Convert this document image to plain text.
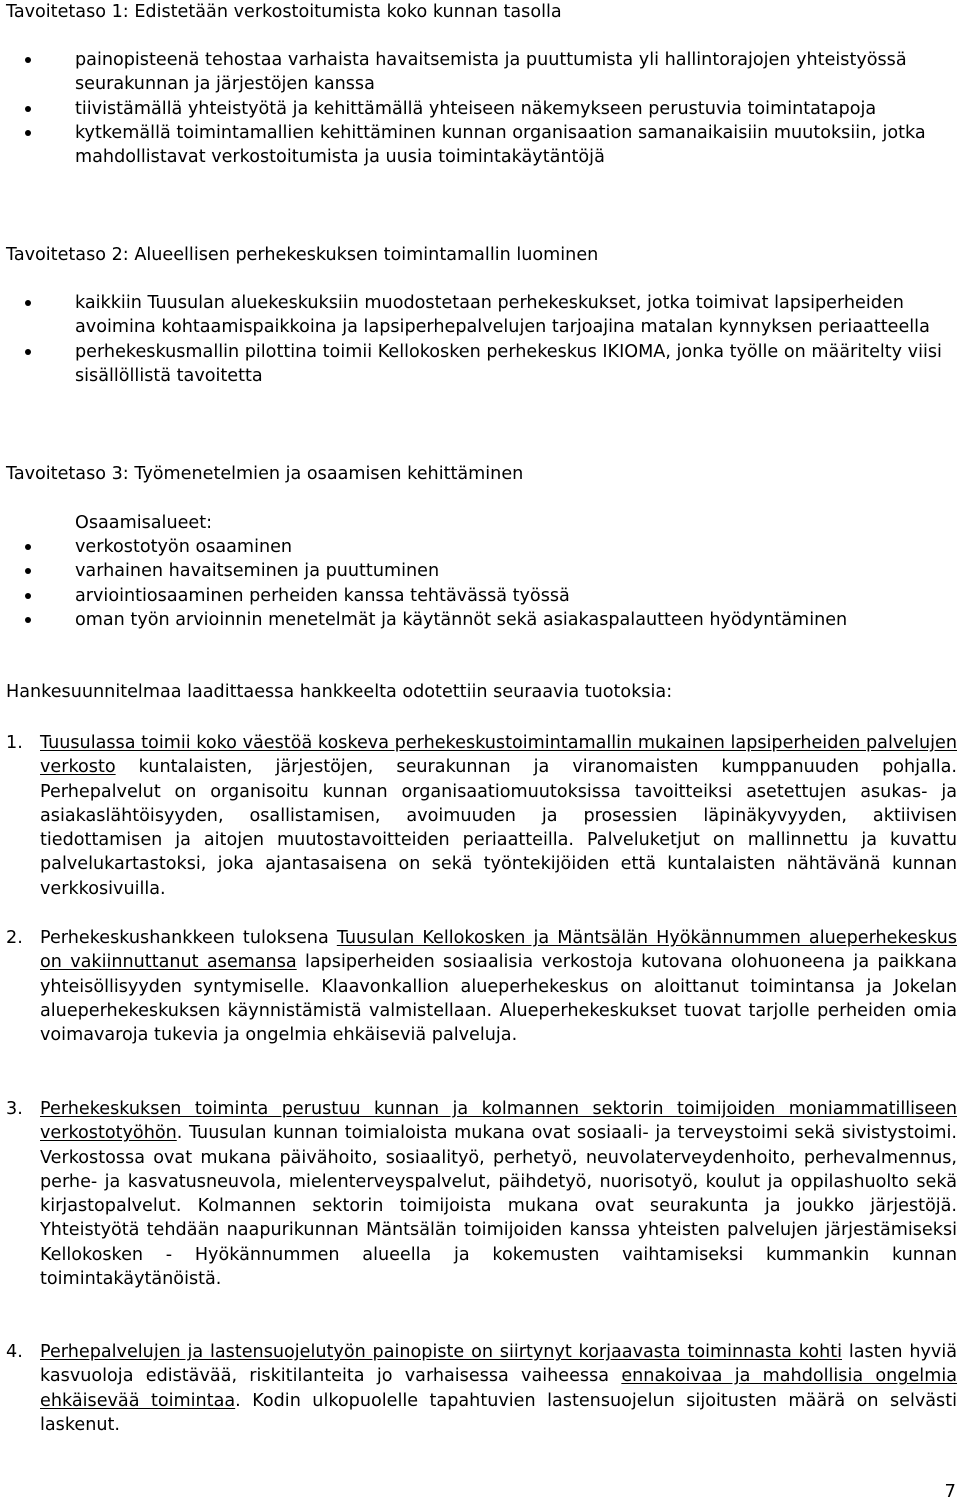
Tavoitetaso 1: Edistetään verkostoitumista koko kunnan tasolla
painopisteenä tehostaa varhaista havaitsemista ja puuttumista yli hallintorajojen yhteistyössä seurakunnan ja järjestöjen kanssa
tiivistämällä yhteistyötä ja kehittämällä yhteiseen näkemykseen perustuvia toimintatapoja
kytkemällä toimintamallien kehittäminen kunnan organisaation samanaikaisiin muutoksiin, jotka mahdollistavat verkostoitumista ja uusia toimintakäytäntöjä
Tavoitetaso 2: Alueellisen perhekeskuksen toimintamallin luominen
kaikkiin Tuusulan aluekeskuksiin muodostetaan perhekeskukset, jotka toimivat lapsiperheiden avoimina kohtaamispaikkoina ja lapsiperhepalvelujen tarjoajina matalan kynnyksen periaatteella
perhekeskusmallin pilottina toimii Kellokosken perhekeskus IKIOMA, jonka työlle on määritelty viisi sisällöllistä tavoitetta
Tavoitetaso 3: Työmenetelmien ja osaamisen kehittäminen
Osaamisalueet:
verkostotyön osaaminen
varhainen havaitseminen ja puuttuminen
arviointiosaaminen perheiden kanssa tehtävässä työssä
oman työn arvioinnin menetelmät ja käytännöt sekä asiakaspalautteen hyödyntäminen
Hankesuunnitelmaa laadittaessa hankkeelta odotettiin seuraavia tuotoksia:
1. Tuusulassa toimii koko väestöä koskeva perhekeskustoimintamallin mukainen lapsiperheiden palvelujen verkosto kuntalaisten, järjestöjen, seurakunnan ja viranomaisten kumppanuuden pohjalla. Perhepalvelut on organisoitu kunnan organisaatiomuutoksissa tavoitteiksi asetettujen asukas- ja asiakaslähtöisyyden, osallistamisen, avoimuuden ja prosessien läpinäkyvyyden, aktiivisen tiedottamisen ja aitojen muutostavoitteiden periaatteilla. Palveluketjut on mallinnettu ja kuvattu palvelukartastoksi, joka ajantasaisena on sekä työntekijöiden että kuntalaisten nähtävänä kunnan verkkosivuilla.
2. Perhekeskushankkeen tuloksena Tuusulan Kellokosken ja Mäntsälän Hyökännummen alueperhekeskus on vakiinnuttanut asemansa lapsiperheiden sosiaalisia verkostoja kutovana olohuoneena ja paikkana yhteisöllisyyden syntymiselle. Klaavonkallion alueperhekeskus on aloittanut toimintansa ja Jokelan alueperhekeskuksen käynnistämistä valmistellaan. Alueperhekeskukset tuovat tarjolle perheiden omia voimavaroja tukevia ja ongelmia ehkäiseviä palveluja.
3. Perhekeskuksen toiminta perustuu kunnan ja kolmannen sektorin toimijoiden moniammatilliseen verkostotyöhön. Tuusulan kunnan toimialoista mukana ovat sosiaali- ja terveystoimi sekä sivistystoimi. Verkostossa ovat mukana päivähoito, sosiaalityö, perhetyö, neuvolaterveydenhoito, perhevalmennus, perhe- ja kasvatusneuvola, mielenterveyspalvelut, päihdetyö, nuorisotyö, koulut ja oppilashuolto sekä kirjastopalvelut. Kolmannen sektorin toimijoista mukana ovat seurakunta ja joukko järjestöjä. Yhteistyötä tehdään naapurikunnan Mäntsälän toimijoiden kanssa yhteisten palvelujen järjestämiseksi Kellokosken - Hyökännummen alueella ja kokemusten vaihtamiseksi kummankin kunnan toimintakäytänöistä.
4. Perhepalvelujen ja lastensuojelutyön painopiste on siirtynyt korjaavasta toiminnasta kohti lasten hyviä kasvuoloja edistävää, riskitilanteita jo varhaisessa vaiheessa ennakoivaa ja mahdollisia ongelmia ehkäisevää toimintaa. Kodin ulkopuolelle tapahtuvien lastensuojelun sijoitusten määrä on selvästi laskenut.
7
